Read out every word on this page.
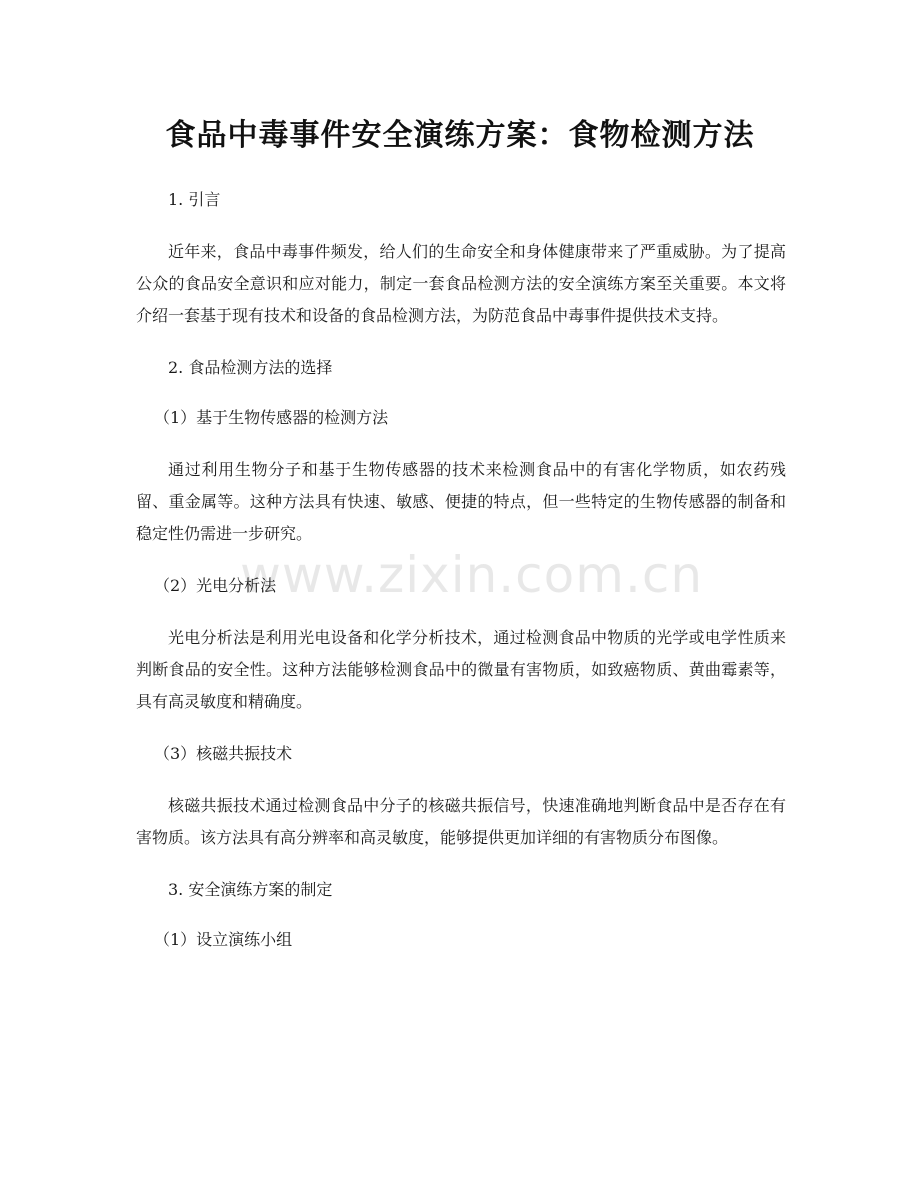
食品中毒事件安全演练方案：食物检测方法
www.zixin.com.cn
1. 引言

近年来，食品中毒事件频发，给人们的生命安全和身体健康带来了严重威胁。为了提高公众的食品安全意识和应对能力，制定一套食品检测方法的安全演练方案至关重要。本文将介绍一套基于现有技术和设备的食品检测方法，为防范食品中毒事件提供技术支持。

2. 食品检测方法的选择
（1）基于生物传感器的检测方法

通过利用生物分子和基于生物传感器的技术来检测食品中的有害化学物质，如农药残留、重金属等。这种方法具有快速、敏感、便捷的特点，但一些特定的生物传感器的制备和稳定性仍需进一步研究。

（2）光电分析法

光电分析法是利用光电设备和化学分析技术，通过检测食品中物质的光学或电学性质来判断食品的安全性。这种方法能够检测食品中的微量有害物质，如致癌物质、黄曲霉素等，具有高灵敏度和精确度。

（3）核磁共振技术

核磁共振技术通过检测食品中分子的核磁共振信号，快速准确地判断食品中是否存在有害物质。该方法具有高分辨率和高灵敏度，能够提供更加详细的有害物质分布图像。

3. 安全演练方案的制定
（1）设立演练小组
